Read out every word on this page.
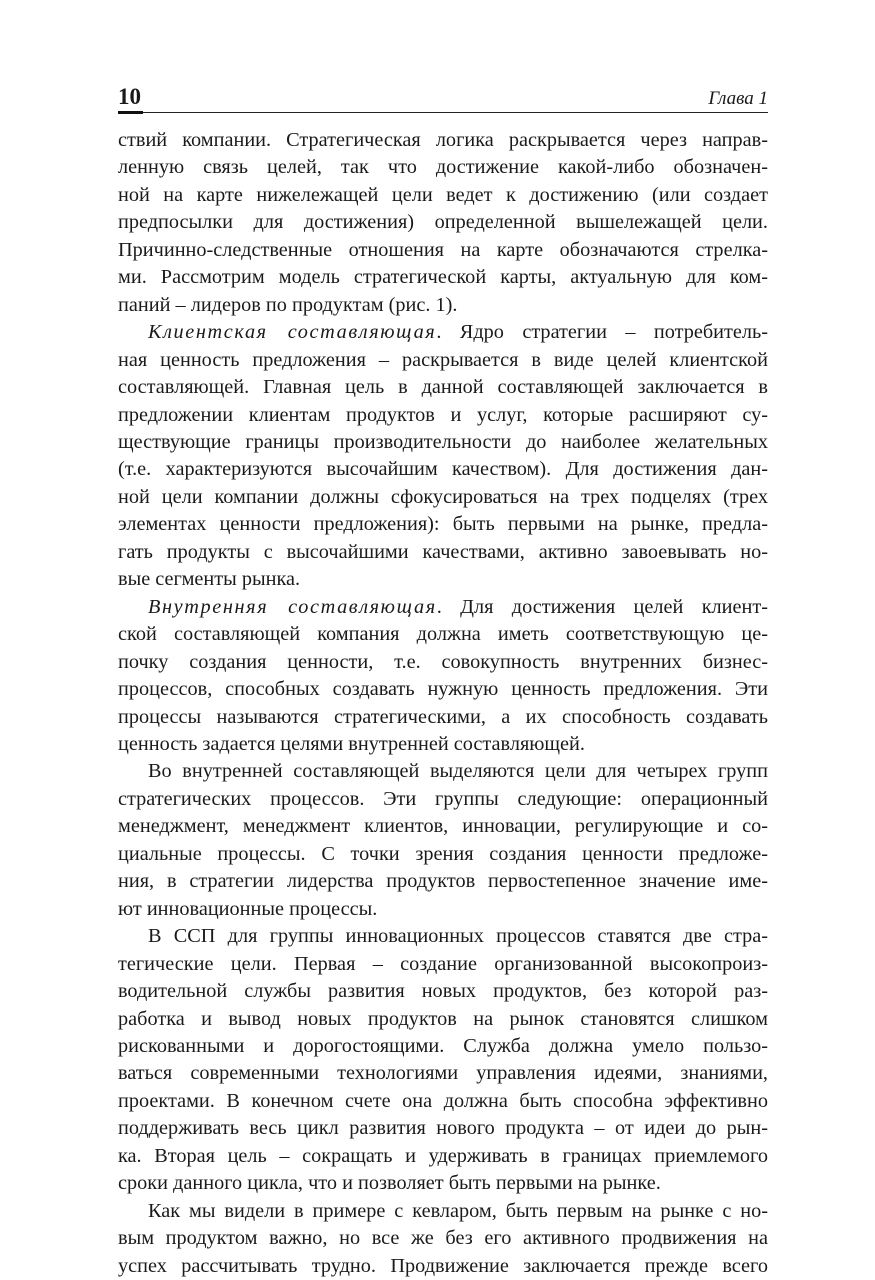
10	Глава 1
ствий компании. Стратегическая логика раскрывается через направ-
ленную связь целей, так что достижение какой-либо обозначен-
ной на карте нижележащей цели ведет к достижению (или создает
предпосылки для достижения) определенной вышележащей цели.
Причинно-следственные отношения на карте обозначаются стрелка-
ми. Рассмотрим модель стратегической карты, актуальную для ком-
паний – лидеров по продуктам (рис. 1).
Клиентская составляющая. Ядро стратегии – потребитель-
ная ценность предложения – раскрывается в виде целей клиентской
составляющей. Главная цель в данной составляющей заключается в
предложении клиентам продуктов и услуг, которые расширяют су-
ществующие границы производительности до наиболее желательных
(т.е. характеризуются высочайшим качеством). Для достижения дан-
ной цели компании должны сфокусироваться на трех подцелях (трех
элементах ценности предложения): быть первыми на рынке, предла-
гать продукты с высочайшими качествами, активно завоевывать но-
вые сегменты рынка.
Внутренняя составляющая. Для достижения целей клиент-
ской составляющей компания должна иметь соответствующую це-
почку создания ценности, т.е. совокупность внутренних бизнес-
процессов, способных создавать нужную ценность предложения. Эти
процессы называются стратегическими, а их способность создавать
ценность задается целями внутренней составляющей.
Во внутренней составляющей выделяются цели для четырех групп
стратегических процессов. Эти группы следующие: операционный
менеджмент, менеджмент клиентов, инновации, регулирующие и со-
циальные процессы. С точки зрения создания ценности предложе-
ния, в стратегии лидерства продуктов первостепенное значение име-
ют инновационные процессы.
В ССП для группы инновационных процессов ставятся две стра-
тегические цели. Первая – создание организованной высокопроиз-
водительной службы развития новых продуктов, без которой раз-
работка и вывод новых продуктов на рынок становятся слишком
рискованными и дорогостоящими. Служба должна умело пользо-
ваться современными технологиями управления идеями, знаниями,
проектами. В конечном счете она должна быть способна эффективно
поддерживать весь цикл развития нового продукта – от идеи до рын-
ка. Вторая цель – сокращать и удерживать в границах приемлемого
сроки данного цикла, что и позволяет быть первыми на рынке.
Как мы видели в примере с кевларом, быть первым на рынке с но-
вым продуктом важно, но все же без его активного продвижения на
успех рассчитывать трудно. Продвижение заключается прежде всего
